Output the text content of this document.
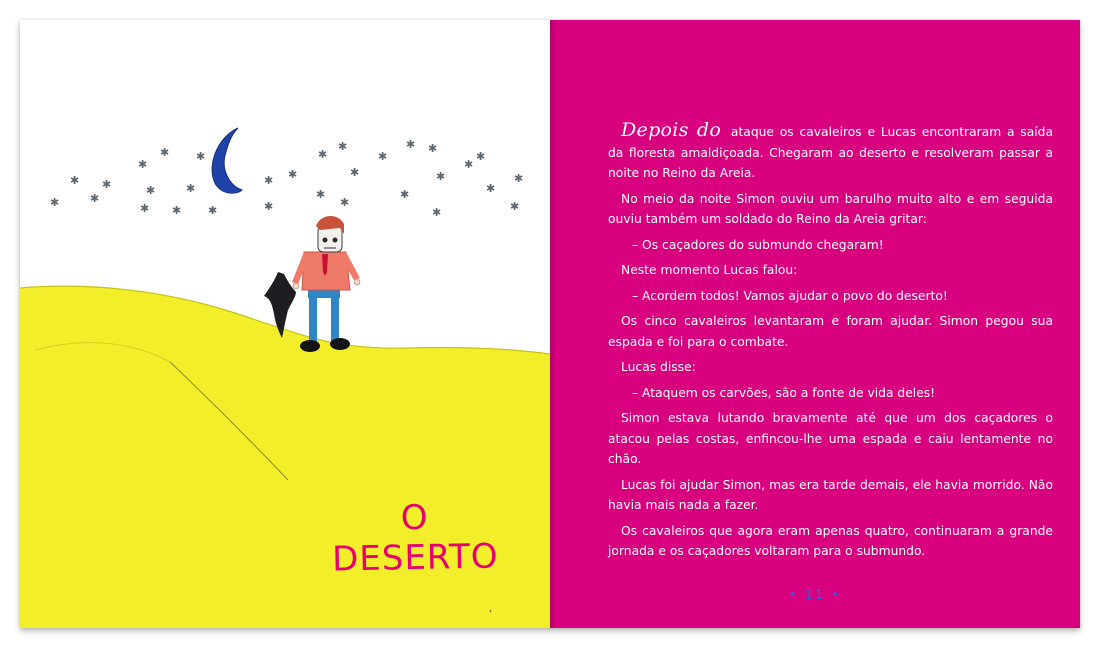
✱
✱ ✱
✱ ✱	✱	✱
✱	✱
✱ ✱
✱
✱ ✱
✱
✱
✱
✱
✱ ✱
✱
✱
✱
✱
✱
✱
✱
✱
✱
✱
✱
O DESERTO

Depois do ataque os cavaleiros e Lucas encontraram a saída da floresta amaldiçoada. Chegaram ao deserto e resolveram passar a noite no Reino da Areia.

No meio da noite Simon ouviu um barulho muito alto e em seguida ouviu também um soldado do Reino da Areia gritar:

– Os caçadores do submundo chegaram!

Neste momento Lucas falou:

– Acordem todos! Vamos ajudar o povo do deserto!

Os cinco cavaleiros levantaram e foram ajudar. Simon pegou sua espada e foi para o combate.

Lucas disse:

– Ataquem os carvões, são a fonte de vida deles!

Simon estava lutando bravamente até que um dos caçadores o atacou pelas costas, enfincou-lhe uma espada e caiu lentamente no chão.

Lucas foi ajudar Simon, mas era tarde demais, ele havia morrido. Não havia mais nada a fazer.

Os cavaleiros que agora eram apenas quatro, continuaram a grande jornada e os caçadores voltaram para o submundo.

• 11 •
